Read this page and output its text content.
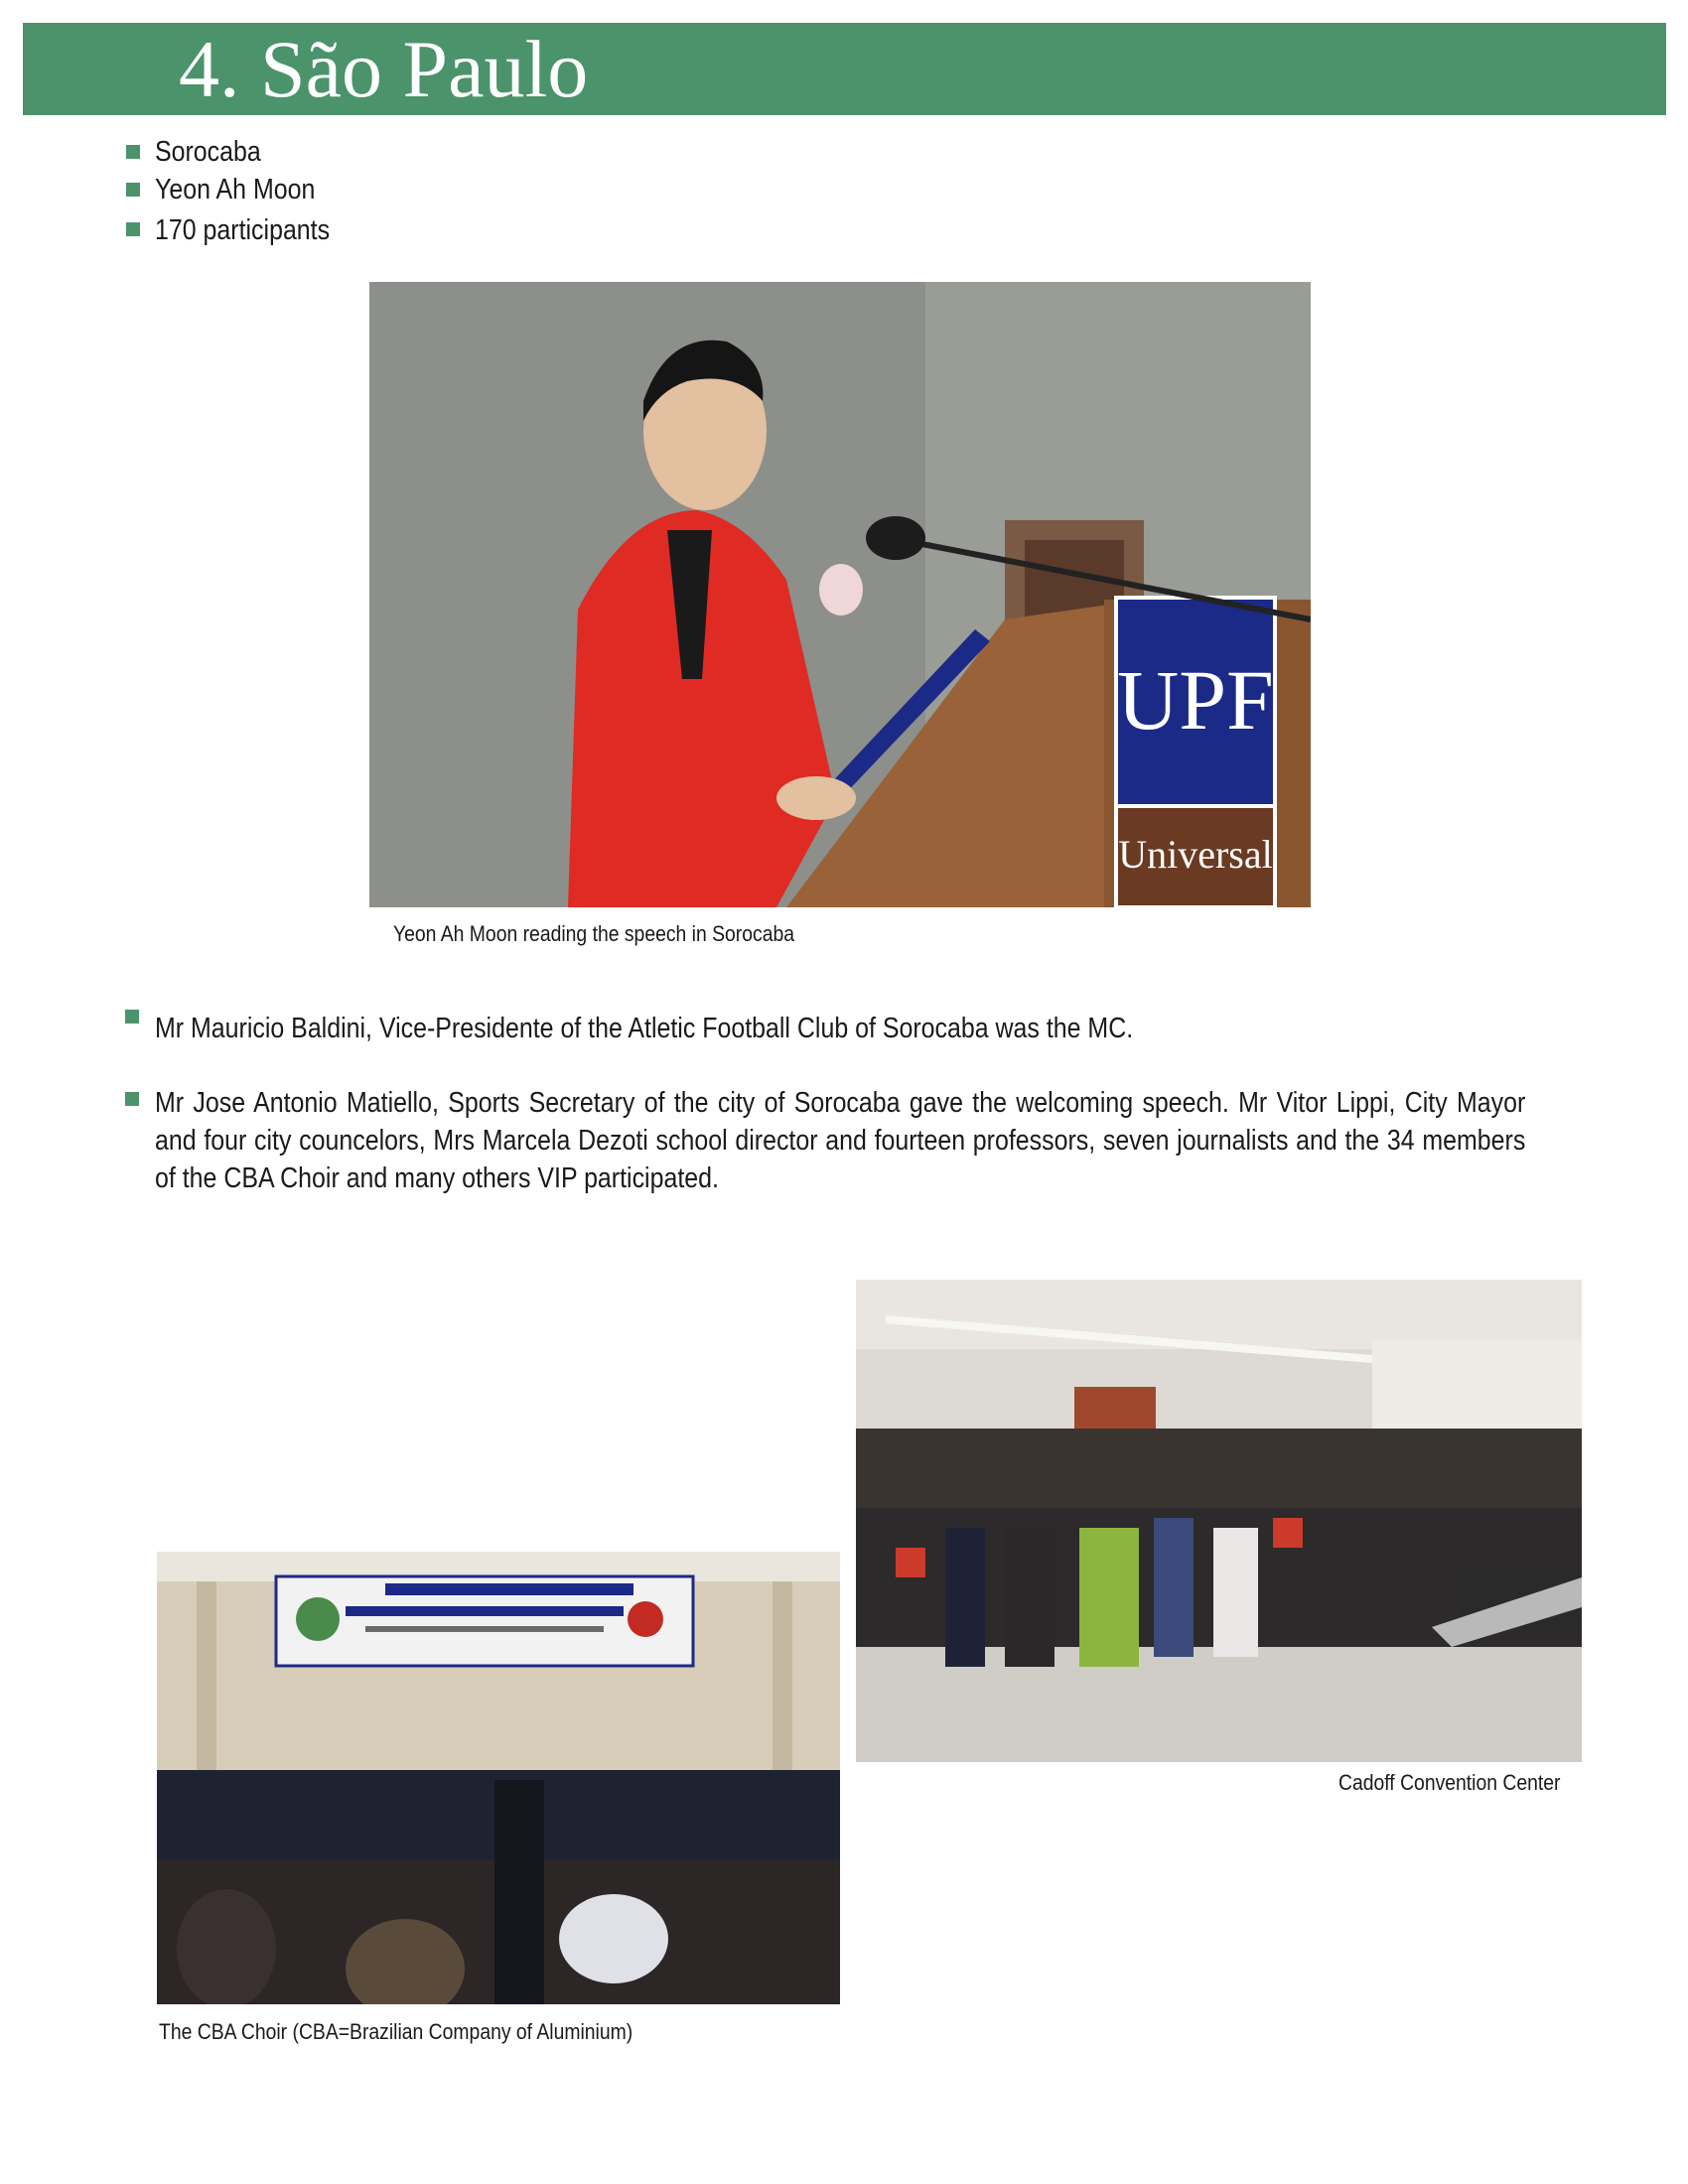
4. São Paulo
Sorocaba
Yeon Ah Moon
170 participants
UPF
Universal
Yeon Ah Moon reading the speech in Sorocaba
Mr Mauricio Baldini, Vice-Presidente of the Atletic Football Club of Sorocaba was the MC.
Mr Jose Antonio Matiello, Sports Secretary of the city of Sorocaba gave the welcoming speech. Mr Vitor Lippi, City Mayor and four city councelors, Mrs Marcela Dezoti school director and fourteen professors, seven journalists and the 34 members of the CBA Choir and many others VIP participated.
Cadoff Convention Center
The CBA Choir (CBA=Brazilian Company of Aluminium)
